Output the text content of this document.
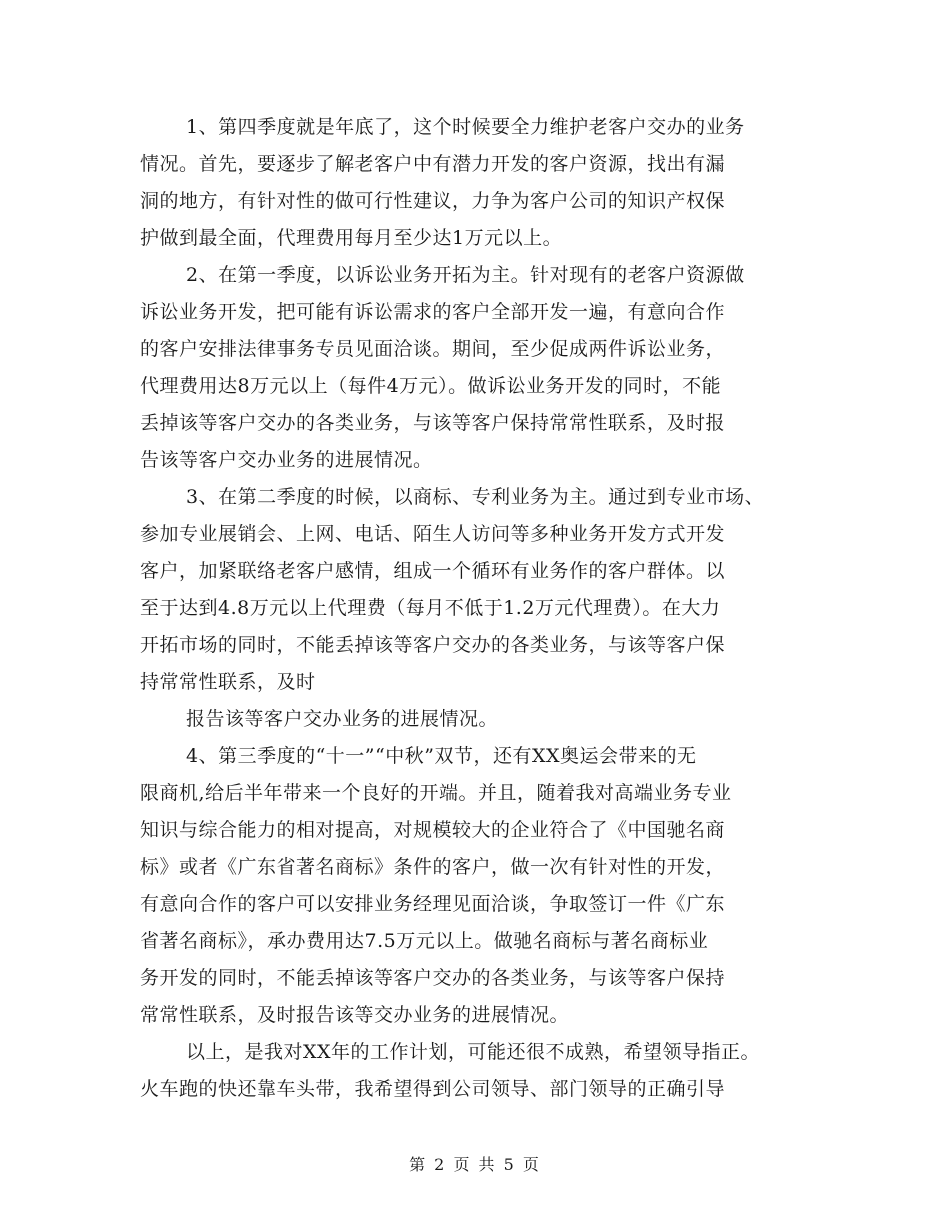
1、第四季度就是年底了，这个时候要全力维护老客户交办的业务
情况。首先，要逐步了解老客户中有潜力开发的客户资源，找出有漏
洞的地方，有针对性的做可行性建议，力争为客户公司的知识产权保
护做到最全面，代理费用每月至少达1万元以上。
2、在第一季度，以诉讼业务开拓为主。针对现有的老客户资源做
诉讼业务开发，把可能有诉讼需求的客户全部开发一遍，有意向合作
的客户安排法律事务专员见面洽谈。期间，至少促成两件诉讼业务，
代理费用达8万元以上（每件4万元）。做诉讼业务开发的同时，不能
丢掉该等客户交办的各类业务，与该等客户保持常常性联系，及时报
告该等客户交办业务的进展情况。
3、在第二季度的时候，以商标、专利业务为主。通过到专业市场、
参加专业展销会、上网、电话、陌生人访问等多种业务开发方式开发
客户，加紧联络老客户感情，组成一个循环有业务作的客户群体。以
至于达到4.8万元以上代理费（每月不低于1.2万元代理费）。在大力
开拓市场的同时，不能丢掉该等客户交办的各类业务，与该等客户保
持常常性联系，及时
报告该等客户交办业务的进展情况。
4、第三季度的“十一”“中秋”双节，还有XX奥运会带来的无
限商机,给后半年带来一个良好的开端。并且，随着我对高端业务专业
知识与综合能力的相对提高，对规模较大的企业符合了《中国驰名商
标》或者《广东省著名商标》条件的客户，做一次有针对性的开发，
有意向合作的客户可以安排业务经理见面洽谈，争取签订一件《广东
省著名商标》，承办费用达7.5万元以上。做驰名商标与著名商标业
务开发的同时，不能丢掉该等客户交办的各类业务，与该等客户保持
常常性联系，及时报告该等交办业务的进展情况。
以上，是我对XX年的工作计划，可能还很不成熟，希望领导指正。
火车跑的快还靠车头带，我希望得到公司领导、部门领导的正确引导
第 2 页 共 5 页
